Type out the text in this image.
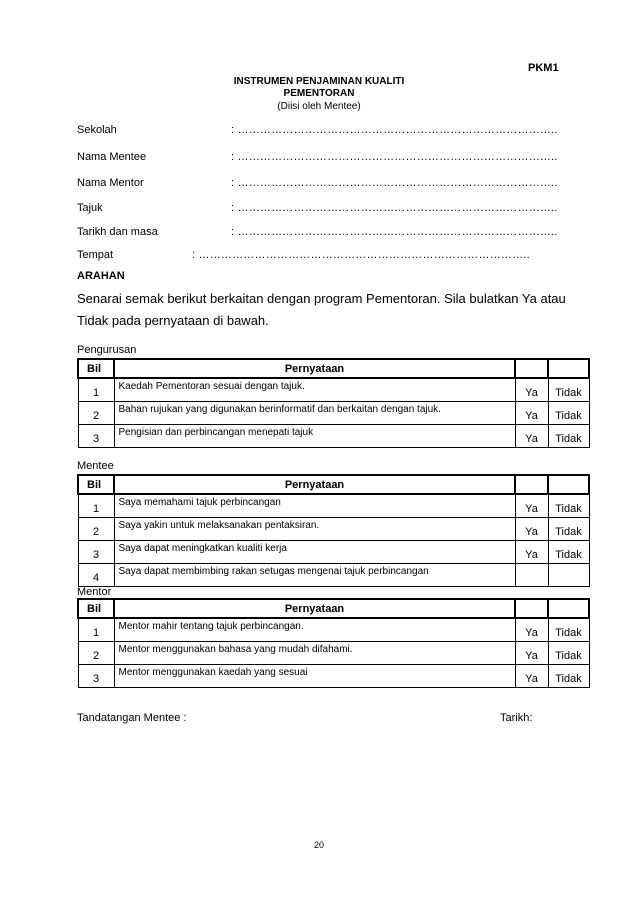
PKM1
INSTRUMEN PENJAMINAN KUALITI
PEMENTORAN
(Diisi oleh Mentee)
Sekolah	: …………………………………………………………………………..
Nama Mentee	: …………………………………………………………………………..
Nama Mentor	: …………………………………………………………………………..
Tajuk	: …………………………………………………………………………..
Tarikh dan masa	: …………………………………………………………………………..
Tempat	: ……………………………………………………………………………..
ARAHAN
Senarai semak berikut berkaitan dengan program Pementoran. Sila bulatkan Ya atau Tidak pada pernyataan di bawah.
Pengurusan
Bil	Pernyataan		
1	Kaedah Pementoran sesuai dengan tajuk.	Ya	Tidak
2	Bahan rujukan yang digunakan berinformatif dan berkaitan dengan tajuk.	Ya	Tidak
3	Pengisian dan perbincangan menepati tajuk	Ya	Tidak
Mentee
Bil	Pernyataan		
1	Saya memahami tajuk perbincangan	Ya	Tidak
2	Saya yakin untuk melaksanakan pentaksiran.	Ya	Tidak
3	Saya dapat meningkatkan kualiti kerja	Ya	Tidak
4	Saya dapat membimbing rakan setugas mengenai tajuk perbincangan		
Mentor
Bil	Pernyataan		
1	Mentor mahir tentang tajuk perbincangan.	Ya	Tidak
2	Mentor menggunakan bahasa yang mudah difahami.	Ya	Tidak
3	Mentor menggunakan kaedah yang sesuai	Ya	Tidak
Tandatangan Mentee :	Tarikh:
20
